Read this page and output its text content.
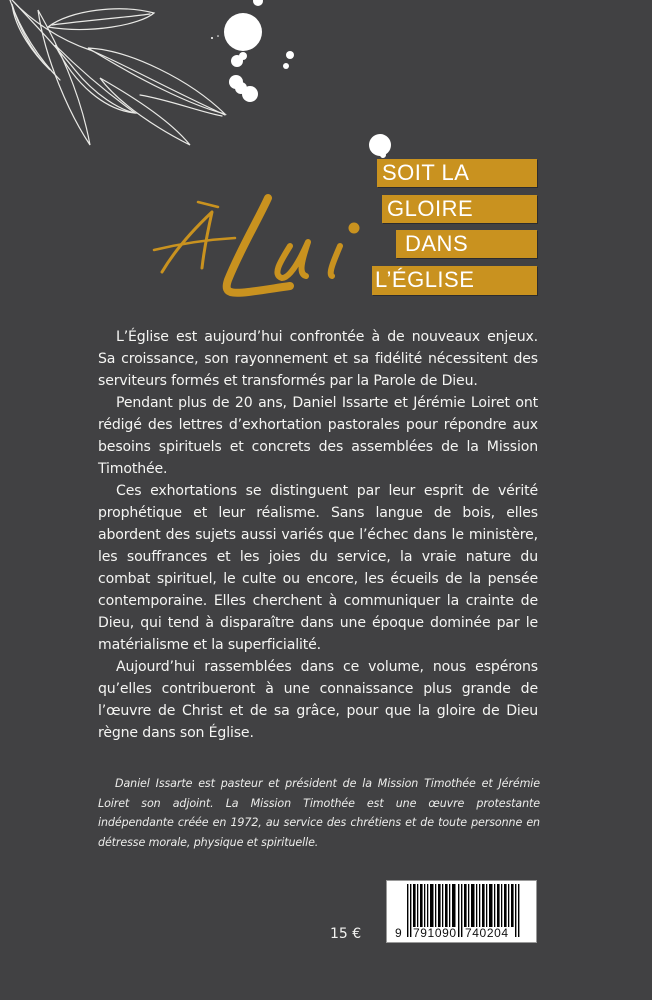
SOIT LA
GLOIRE
DANS
L’ÉGLISE

L’Église est aujourd’hui confrontée à de nouveaux enjeux. Sa croissance, son rayonnement et sa fidélité nécessitent des serviteurs formés et transformés par la Parole de Dieu.

Pendant plus de 20 ans, Daniel Issarte et Jérémie Loiret ont rédigé des lettres d’exhortation pastorales pour répondre aux besoins spirituels et concrets des assemblées de la Mission Timothée.

Ces exhortations se distinguent par leur esprit de vérité prophétique et leur réalisme. Sans langue de bois, elles abordent des sujets aussi variés que l’échec dans le ministère, les souffrances et les joies du service, la vraie nature du combat spirituel, le culte ou encore, les écueils de la pensée contemporaine. Elles cherchent à communiquer la crainte de Dieu, qui tend à disparaître dans une époque dominée par le matérialisme et la superficialité.

Aujourd’hui rassemblées dans ce volume, nous espérons qu’elles contribueront à une connaissance plus grande de l’œuvre de Christ et de sa grâce, pour que la gloire de Dieu règne dans son Église.

Daniel Issarte est pasteur et président de la Mission Timothée et Jérémie Loiret son adjoint. La Mission Timothée est une œuvre protestante indépendante créée en 1972, au service des chrétiens et de toute personne en détresse morale, physique et spirituelle.

15 €	9 791090 740204
